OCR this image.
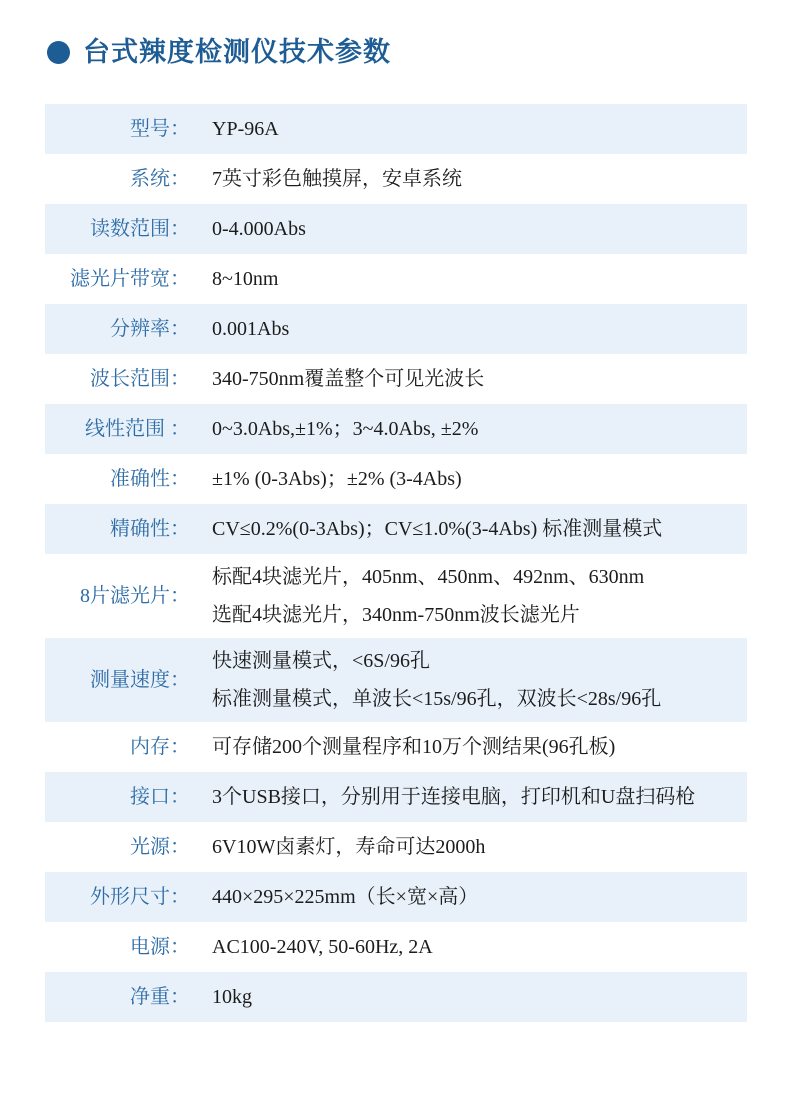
台式辣度检测仪技术参数
型号：	YP-96A
系统：	7英寸彩色触摸屏，安卓系统
读数范围：	0-4.000Abs
滤光片带宽：	8~10nm
分辨率：	0.001Abs
波长范围：	340-750nm覆盖整个可见光波长
线性范围 ：	0~3.0Abs,±1%；3~4.0Abs, ±2%
准确性：	±1% (0-3Abs)；±2% (3-4Abs)
精确性：	CV≤0.2%(0-3Abs)；CV≤1.0%(3-4Abs) 标准测量模式
8片滤光片：
标配4块滤光片，405nm、450nm、492nm、630nm
选配4块滤光片，340nm-750nm波长滤光片
测量速度：
快速测量模式，<6S/96孔
标准测量模式，单波长<15s/96孔，双波长<28s/96孔
内存：	可存储200个测量程序和10万个测结果(96孔板)
接口：	3个USB接口，分别用于连接电脑，打印机和U盘扫码枪
光源：	6V10W卤素灯，寿命可达2000h
外形尺寸：	440×295×225mm（长×宽×高）
电源：	AC100-240V, 50-60Hz, 2A
净重：	10kg
